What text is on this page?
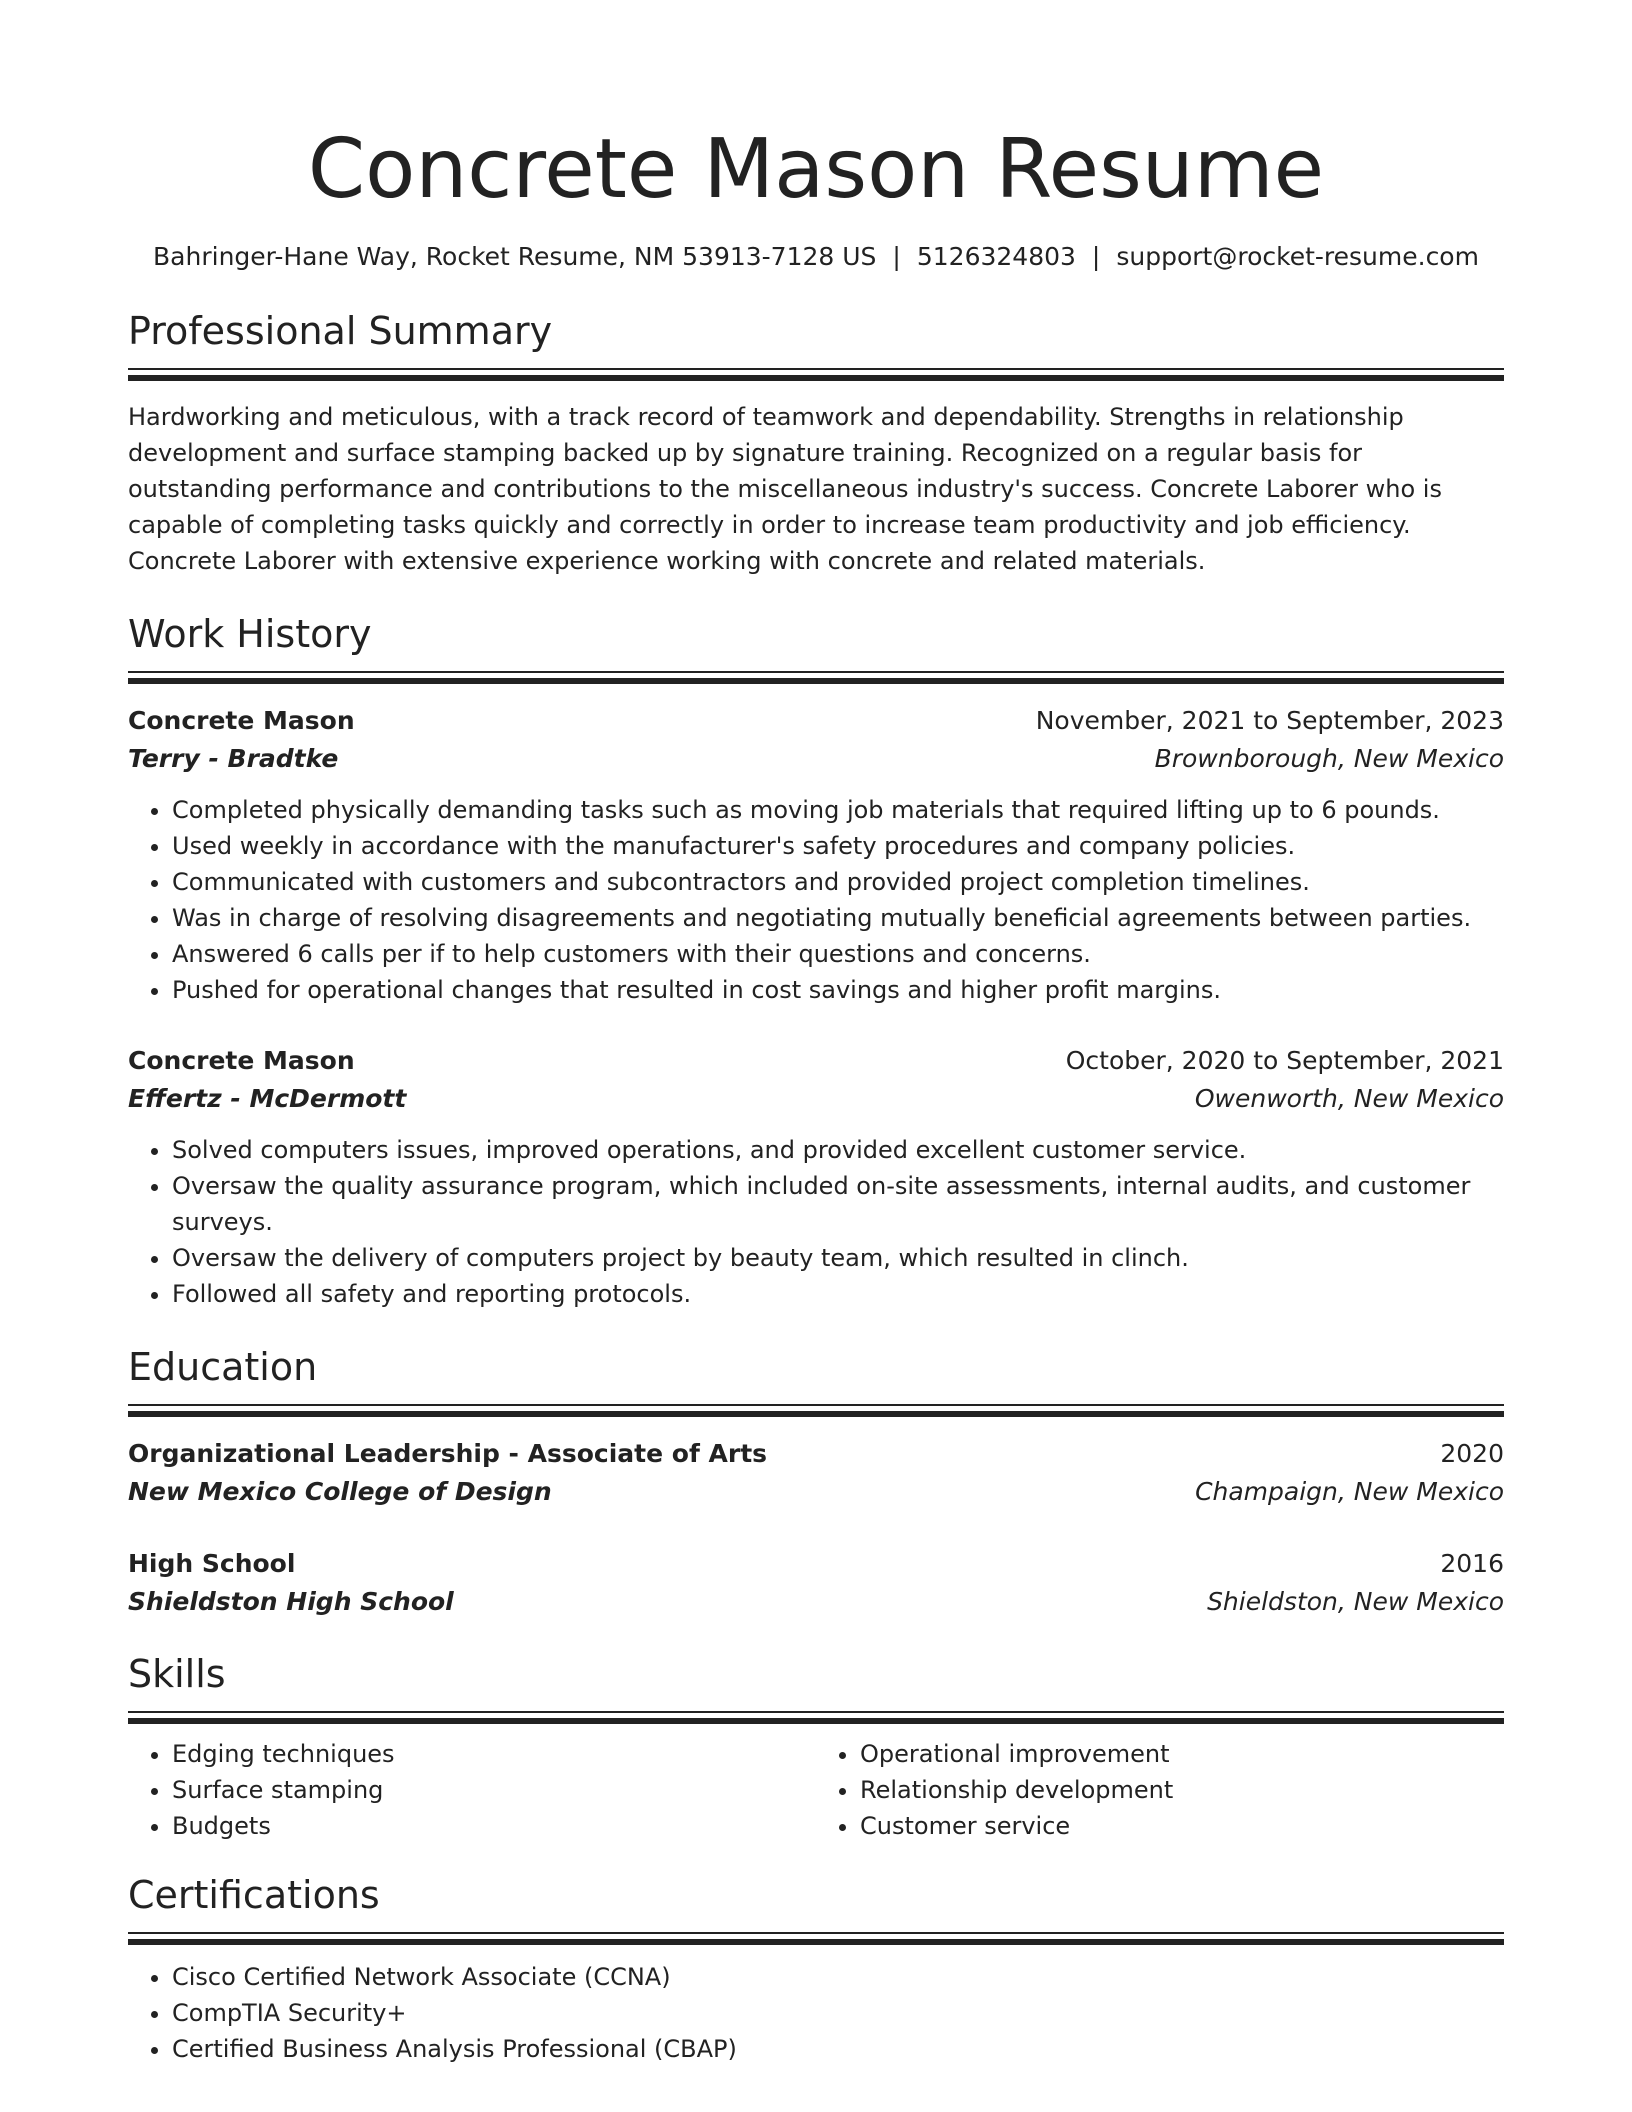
Concrete Mason Resume
Bahringer-Hane Way, Rocket Resume, NM 53913-7128 US | 5126324803 | support@rocket-resume.com
Professional Summary
Hardworking and meticulous, with a track record of teamwork and dependability. Strengths in relationship development and surface stamping backed up by signature training. Recognized on a regular basis for outstanding performance and contributions to the miscellaneous industry's success. Concrete Laborer who is capable of completing tasks quickly and correctly in order to increase team productivity and job efficiency. Concrete Laborer with extensive experience working with concrete and related materials.
Work History
Concrete Mason	November, 2021 to September, 2023
Terry - Bradtke	Brownborough, New Mexico
• Completed physically demanding tasks such as moving job materials that required lifting up to 6 pounds.
• Used weekly in accordance with the manufacturer's safety procedures and company policies.
• Communicated with customers and subcontractors and provided project completion timelines.
• Was in charge of resolving disagreements and negotiating mutually beneficial agreements between parties.
• Answered 6 calls per if to help customers with their questions and concerns.
• Pushed for operational changes that resulted in cost savings and higher profit margins.
Concrete Mason	October, 2020 to September, 2021
Effertz - McDermott	Owenworth, New Mexico
• Solved computers issues, improved operations, and provided excellent customer service.
• Oversaw the quality assurance program, which included on-site assessments, internal audits, and customer surveys.
• Oversaw the delivery of computers project by beauty team, which resulted in clinch.
• Followed all safety and reporting protocols.
Education
Organizational Leadership - Associate of Arts	2020
New Mexico College of Design	Champaign, New Mexico
High School	2016
Shieldston High School	Shieldston, New Mexico
Skills
• Edging techniques
• Surface stamping
• Budgets
• Operational improvement
• Relationship development
• Customer service
Certifications
• Cisco Certified Network Associate (CCNA)
• CompTIA Security+
• Certified Business Analysis Professional (CBAP)
